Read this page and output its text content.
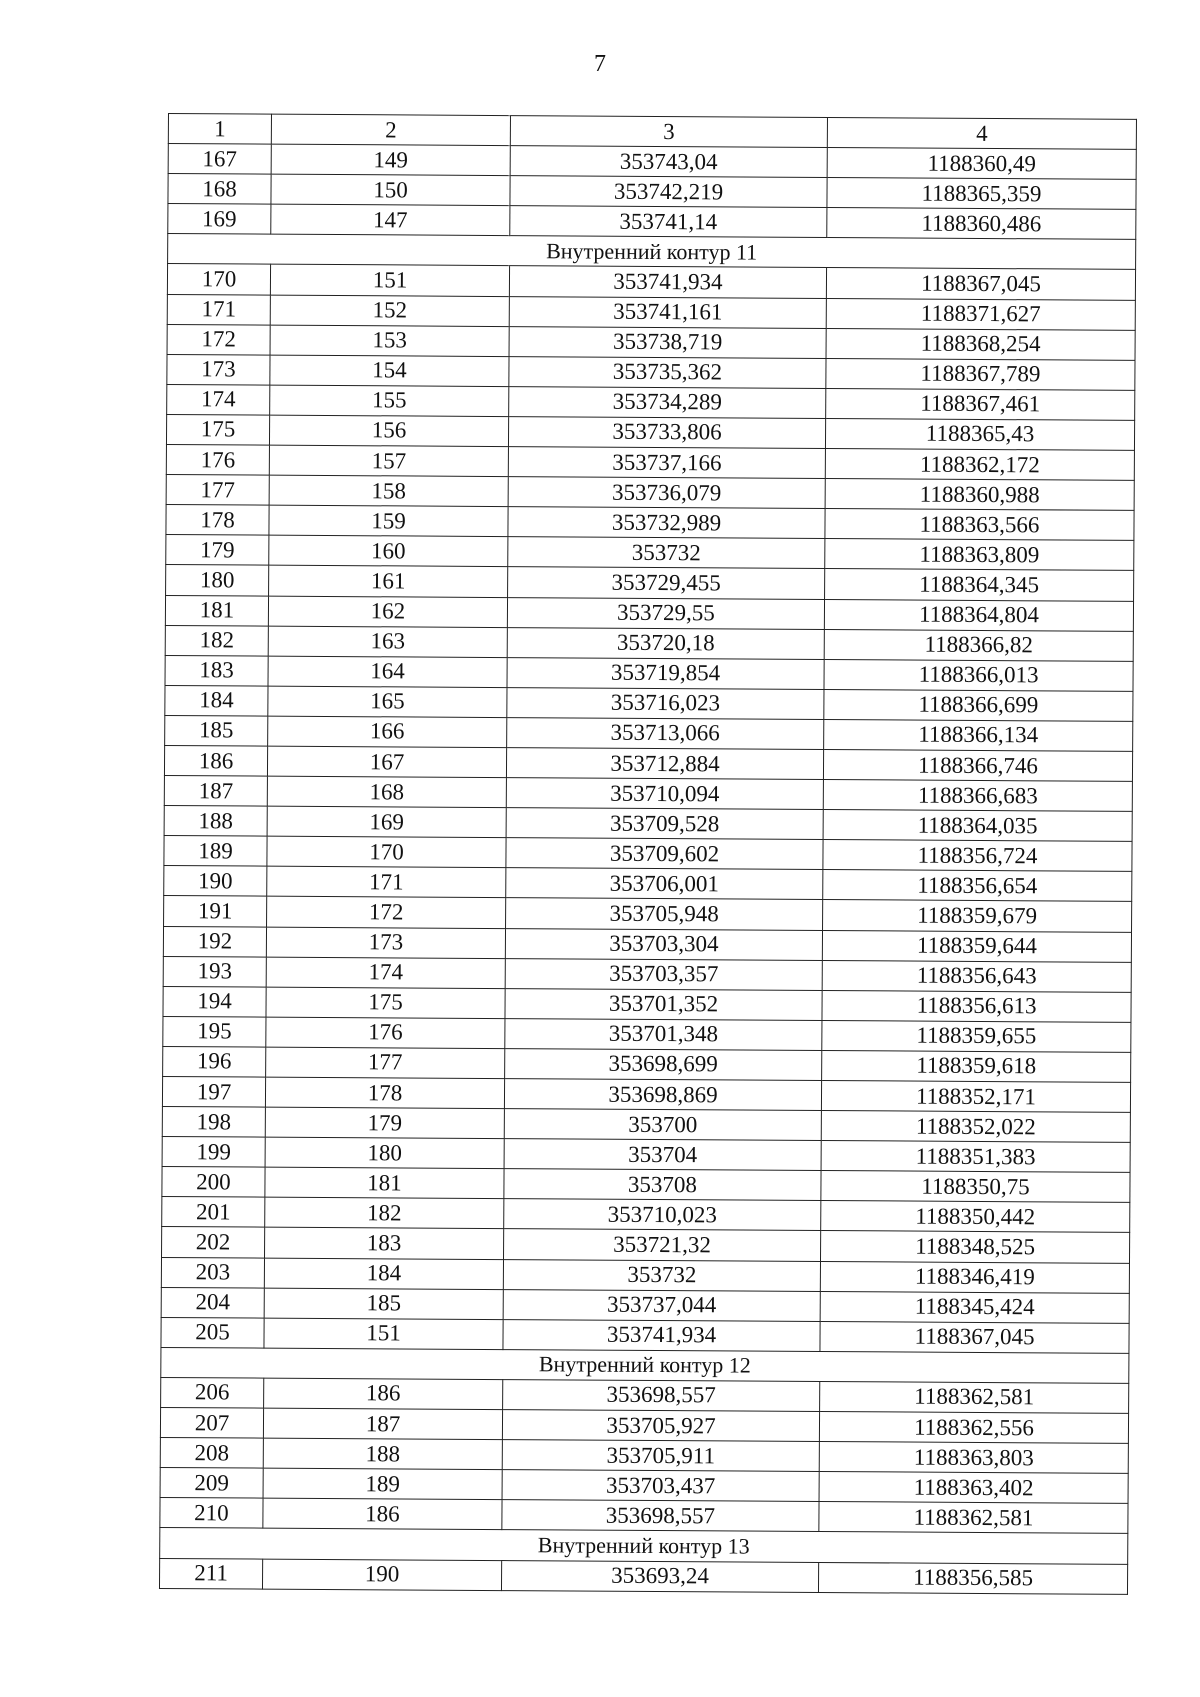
7
1	2	3	4
167	149	353743,04	1188360,49
168	150	353742,219	1188365,359
169	147	353741,14	1188360,486
Внутренний контур 11			
170	151	353741,934	1188367,045
171	152	353741,161	1188371,627
172	153	353738,719	1188368,254
173	154	353735,362	1188367,789
174	155	353734,289	1188367,461
175	156	353733,806	1188365,43
176	157	353737,166	1188362,172
177	158	353736,079	1188360,988
178	159	353732,989	1188363,566
179	160	353732	1188363,809
180	161	353729,455	1188364,345
181	162	353729,55	1188364,804
182	163	353720,18	1188366,82
183	164	353719,854	1188366,013
184	165	353716,023	1188366,699
185	166	353713,066	1188366,134
186	167	353712,884	1188366,746
187	168	353710,094	1188366,683
188	169	353709,528	1188364,035
189	170	353709,602	1188356,724
190	171	353706,001	1188356,654
191	172	353705,948	1188359,679
192	173	353703,304	1188359,644
193	174	353703,357	1188356,643
194	175	353701,352	1188356,613
195	176	353701,348	1188359,655
196	177	353698,699	1188359,618
197	178	353698,869	1188352,171
198	179	353700	1188352,022
199	180	353704	1188351,383
200	181	353708	1188350,75
201	182	353710,023	1188350,442
202	183	353721,32	1188348,525
203	184	353732	1188346,419
204	185	353737,044	1188345,424
205	151	353741,934	1188367,045
Внутренний контур 12			
206	186	353698,557	1188362,581
207	187	353705,927	1188362,556
208	188	353705,911	1188363,803
209	189	353703,437	1188363,402
210	186	353698,557	1188362,581
Внутренний контур 13			
211	190	353693,24	1188356,585
